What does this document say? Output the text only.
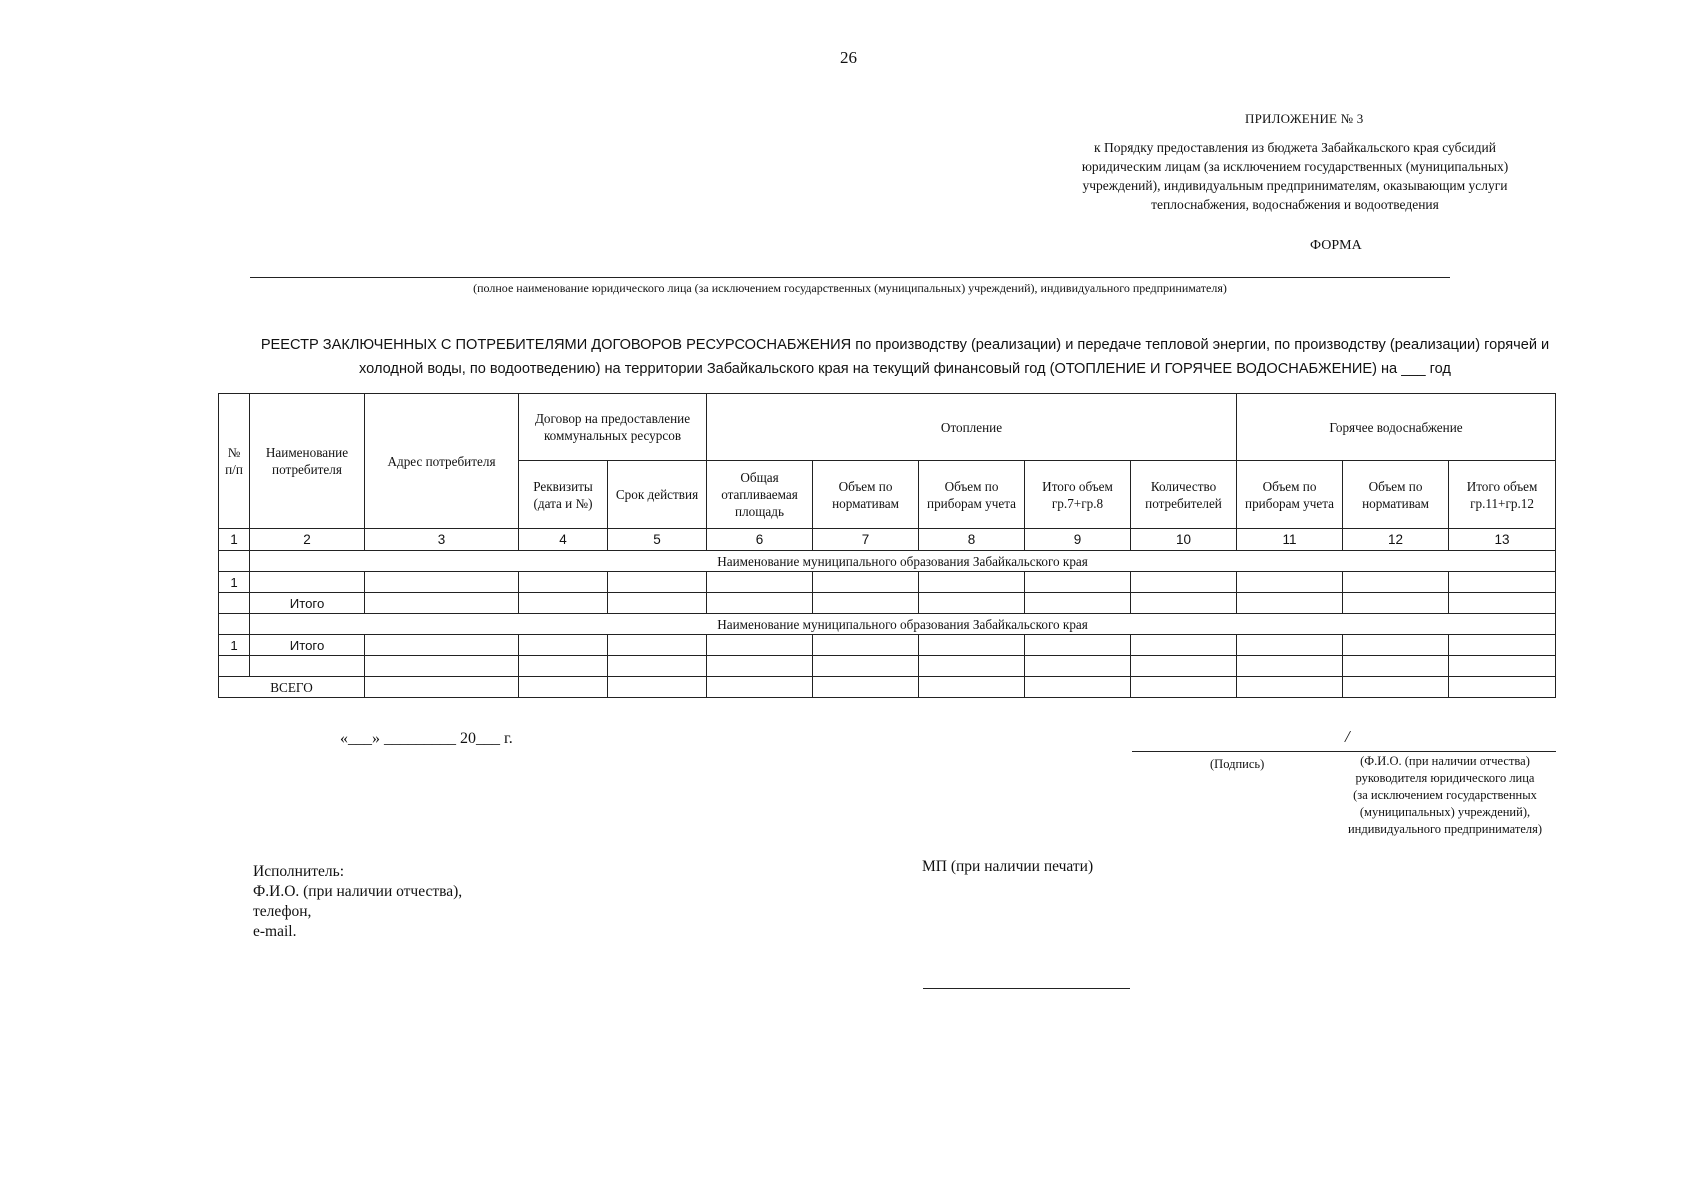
26
ПРИЛОЖЕНИЕ № 3
к Порядку предоставления из бюджета Забайкальского края субсидий
юридическим лицам (за исключением государственных (муниципальных)
учреждений), индивидуальным предпринимателям, оказывающим услуги
теплоснабжения, водоснабжения и водоотведения
ФОРМА
(полное наименование юридического лица (за исключением государственных (муниципальных) учреждений), индивидуального предпринимателя)
РЕЕСТР ЗАКЛЮЧЕННЫХ С ПОТРЕБИТЕЛЯМИ ДОГОВОРОВ РЕСУРСОСНАБЖЕНИЯ по производству (реализации) и передаче тепловой энергии, по производству (реализации) горячей и
холодной воды, по водоотведению) на территории Забайкальского края на текущий финансовый год (ОТОПЛЕНИЕ И ГОРЯЧЕЕ ВОДОСНАБЖЕНИЕ) на ___ год
№ п/п	Наименование потребителя	Адрес потребителя	Договор на предоставление коммунальных ресурсов		Отопление					Горячее водоснабжение		
			Реквизиты (дата и №)	Срок действия	Общая отапливаемая площадь	Объем по нормативам	Объем по приборам учета	Итого объем гр.7+гр.8	Количество потребителей	Объем по приборам учета	Объем по нормативам	Итого объем гр.11+гр.12
1	2	3	4	5	6	7	8	9	10	11	12	13
	Наименование муниципального образования Забайкальского края											
1												
	Итого											
	Наименование муниципального образования Забайкальского края											
1	Итого											

ВСЕГО												
«___» _________ 20___ г.	/
(Подпись)	(Ф.И.О. (при наличии отчества)
руководителя юридического лица
(за исключением государственных
(муниципальных) учреждений),
индивидуального предпринимателя)
Исполнитель:
Ф.И.О. (при наличии отчества),
телефон,
e-mail.
МП (при наличии печати)
